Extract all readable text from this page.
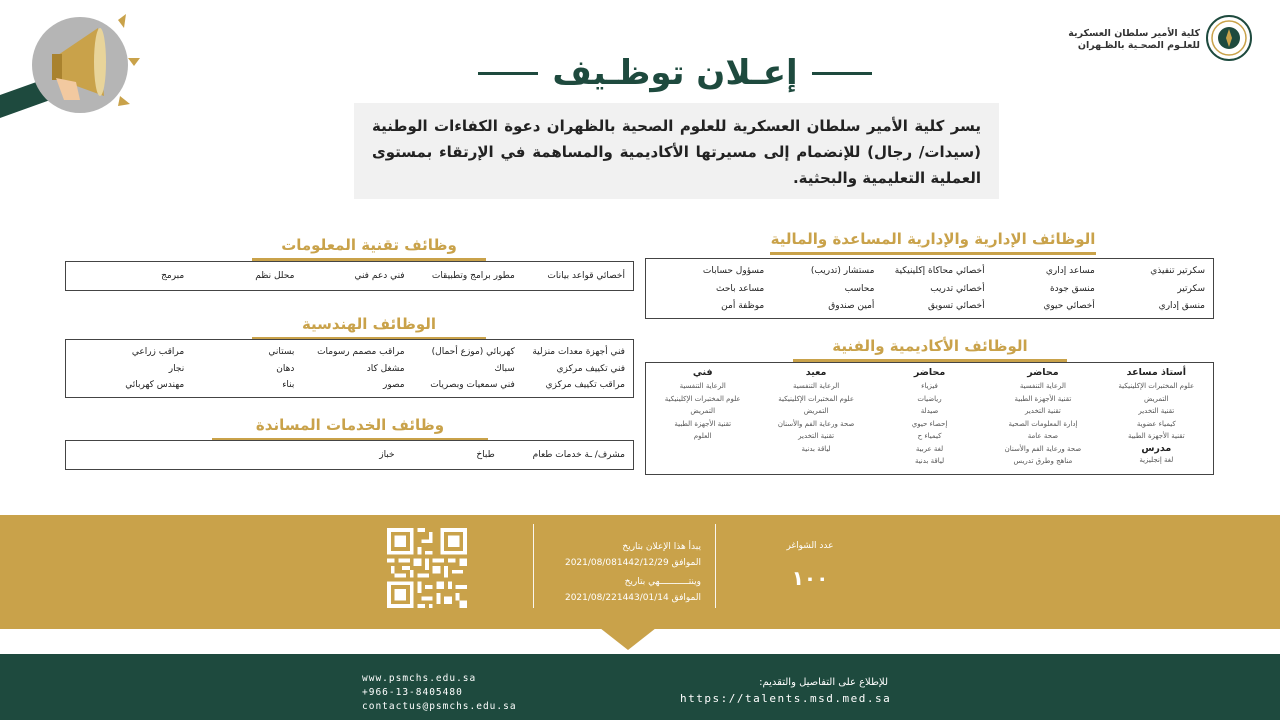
كلية الأمير سلطان العسكرية
للعلـوم الصحـية بالظـهران
إعـلان توظـيف
يسر كلية الأمير سلطان العسكرية للعلوم الصحية بالظهران دعوة الكفاءات الوطنية (سيدات/ رجال) للإنضمام إلى مسيرتها الأكاديمية والمساهمة في الإرتقاء بمستوى العملية التعليمية والبحثية.
الوظائف الإدارية والإدارية المساعدة والمالية
سكرتير تنفيذي
مساعد إداري
أخصائي محاكاة إكلينيكية
مستشار (تدريب)
مسؤول حسابات
سكرتير
منسق جودة
أخصائي تدريب
محاسب
مساعد باحث
منسق إداري
أخصائي حيوي
أخصائي تسويق
أمين صندوق
موظفة أمن
وظائف تقنية المعلومات
أخصائي قواعد بيانات
مطور برامج وتطبيقات
فني دعم فني
محلل نظم
مبرمج
الوظائف الهندسية
فني أجهزة معدات منزلية
كهربائي (موزع أحمال)
مراقب مصمم رسومات
بستاني
مراقب زراعي
فني تكييف مركزي
سباك
مشغل كاد
دهان
نجار
مراقب تكييف مركزي
فني سمعيات وبصريات
مصور
بناء
مهندس كهربائي
وظائف الخدمات المساندة
مشرف/ ـة خدمات طعام
طباخ
خباز
الوظائف الأكاديمية والفنية
أستاذ مساعد
علوم المختبرات الإكلينيكية
التمريض
تقنية التخدير
كيمياء عضوية
تقنية الأجهزة الطبية
مدرس
لغة إنجليزية
محاضر
الرعاية التنفسية
تقنية الأجهزة الطبية
تقنية التخدير
إدارة المعلومات الصحية
صحة عامة
صحة ورعاية الفم والأسنان
مناهج وطرق تدريس
محاضر
فيزياء
رياضيات
صيدلة
إحصاء حيوي
كيمياء ح
لغة عربية
لياقة بدنية
معيد
الرعاية التنفسية
علوم المختبرات الإكلينيكية
التمريض
صحة ورعاية الفم والأسنان
تقنية التخدير
لياقة بدنية
فني
الرعاية التنفسية
علوم المختبرات الإكلينيكية
التمريض
تقنية الأجهزة الطبية
العلوم
يبدأ هذا الإعلان بتاريخ
الموافق 2021/08/081442/12/29
وينتـــــــــــهي بتاريخ
الموافق 2021/08/221443/01/14
عدد الشواغر
١٠٠
www.psmchs.edu.sa
+966-13-8405480
contactus@psmchs.edu.sa
للإطلاع على التفاصيل والتقديم:
https://talents.msd.med.sa
